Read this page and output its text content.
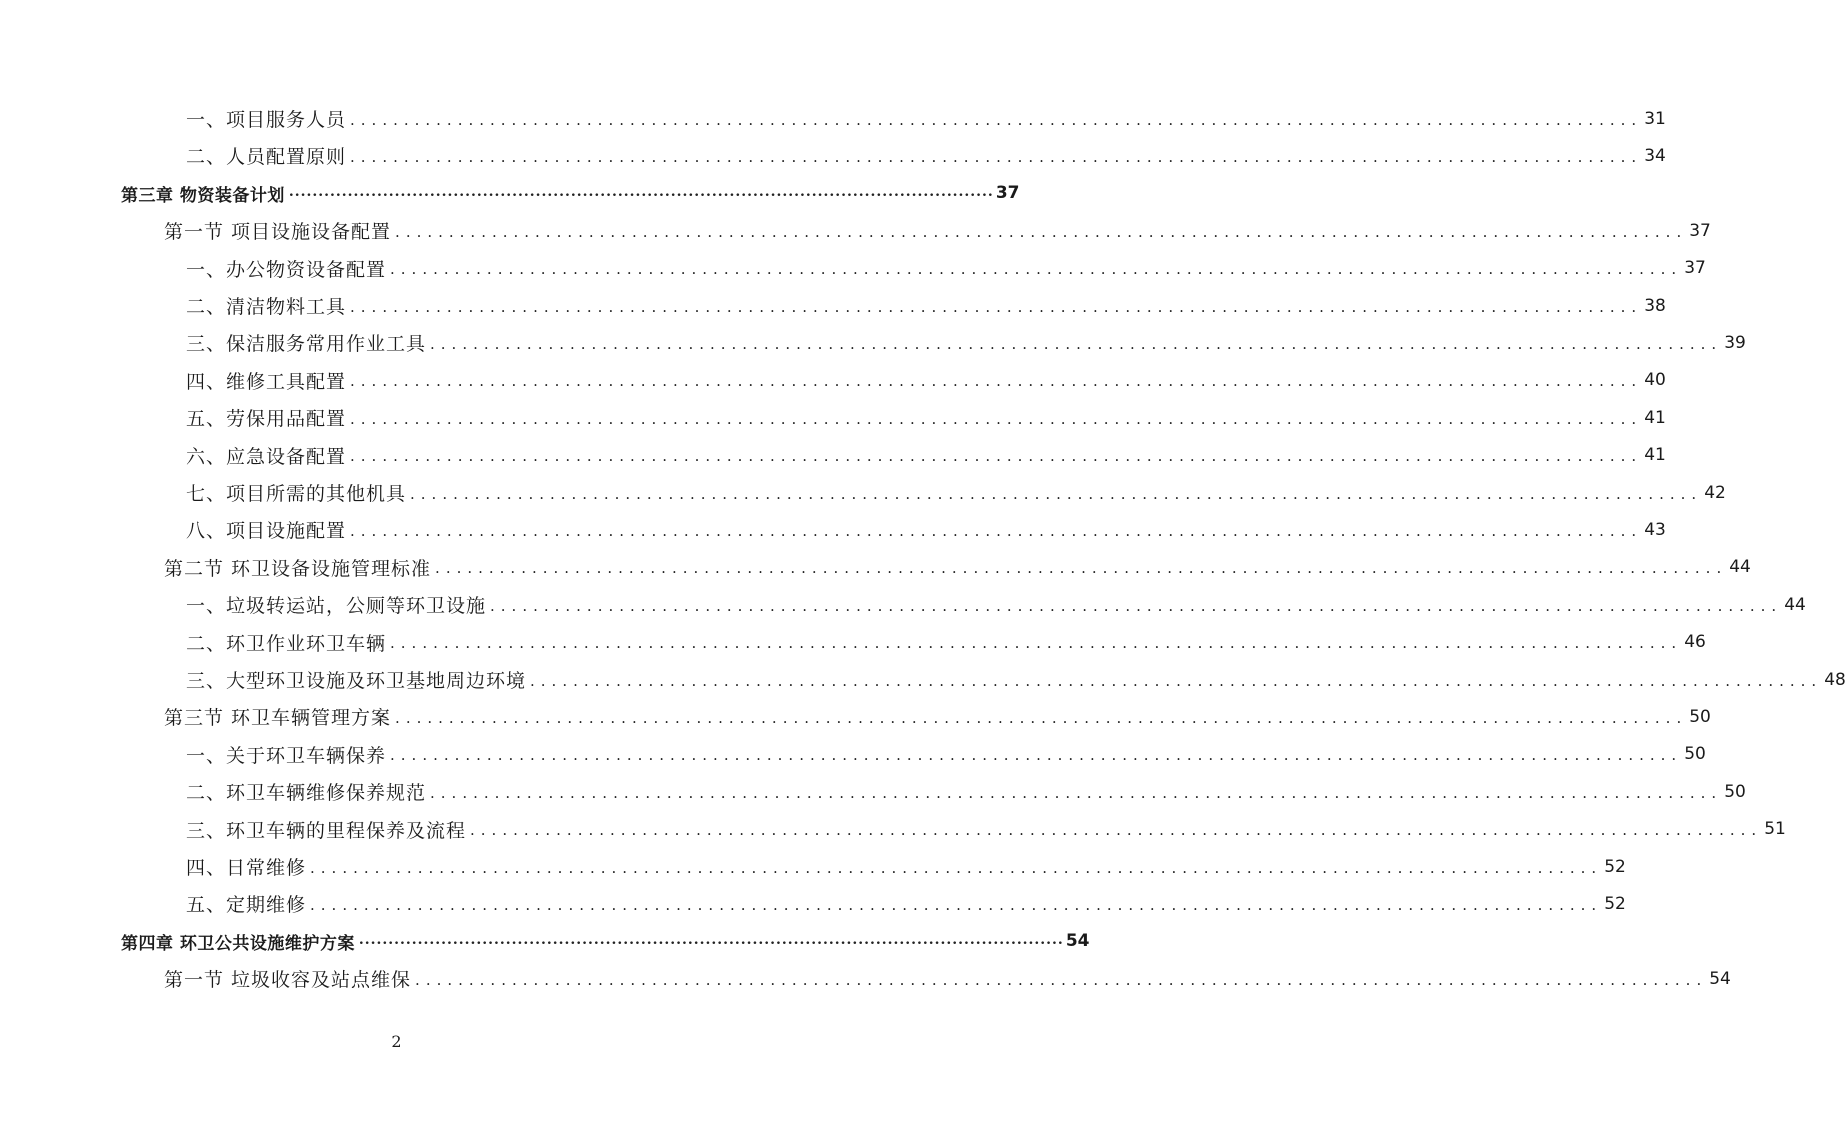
一、项目服务人员 ........................................................................................................................ 31
二、人员配置原则 ........................................................................................................................ 34
第三章 物资装备计划 ........................................................................................................................ 37
第一节 项目设施设备配置 ........................................................................................................................ 37
一、办公物资设备配置 ........................................................................................................................ 37
二、清洁物料工具 ........................................................................................................................ 38
三、保洁服务常用作业工具 ........................................................................................................................ 39
四、维修工具配置 ........................................................................................................................ 40
五、劳保用品配置 ........................................................................................................................ 41
六、应急设备配置 ........................................................................................................................ 41
七、项目所需的其他机具 ........................................................................................................................ 42
八、项目设施配置 ........................................................................................................................ 43
第二节 环卫设备设施管理标准 ........................................................................................................................ 44
一、垃圾转运站，公厕等环卫设施 ........................................................................................................................ 44
二、环卫作业环卫车辆 ........................................................................................................................ 46
三、大型环卫设施及环卫基地周边环境 ........................................................................................................................ 48
第三节 环卫车辆管理方案 ........................................................................................................................ 50
一、关于环卫车辆保养 ........................................................................................................................ 50
二、环卫车辆维修保养规范 ........................................................................................................................ 50
三、环卫车辆的里程保养及流程 ........................................................................................................................ 51
四、日常维修 ........................................................................................................................ 52
五、定期维修 ........................................................................................................................ 52
第四章 环卫公共设施维护方案 ........................................................................................................................ 54
第一节 垃圾收容及站点维保 ........................................................................................................................ 54
2
